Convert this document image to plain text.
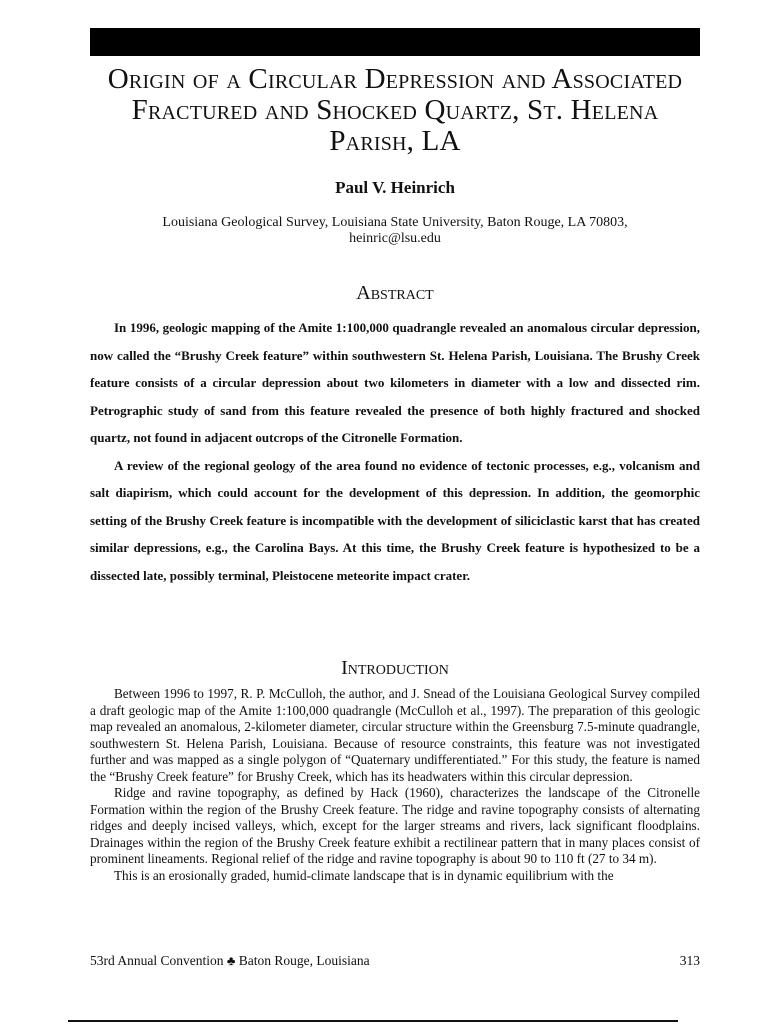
Origin of a Circular Depression and Associated Fractured and Shocked Quartz, St. Helena Parish, LA
Paul V. Heinrich
Louisiana Geological Survey, Louisiana State University, Baton Rouge, LA 70803,
heinric@lsu.edu
Abstract

In 1996, geologic mapping of the Amite 1:100,000 quadrangle revealed an anomalous circular depression, now called the “Brushy Creek feature” within southwestern St. Helena Parish, Louisiana. The Brushy Creek feature consists of a circular depression about two kilometers in diameter with a low and dissected rim. Petrographic study of sand from this feature revealed the presence of both highly fractured and shocked quartz, not found in adjacent outcrops of the Citronelle Formation.

A review of the regional geology of the area found no evidence of tectonic processes, e.g., volcanism and salt diapirism, which could account for the development of this depression. In addition, the geomorphic setting of the Brushy Creek feature is incompatible with the development of siliciclastic karst that has created similar depressions, e.g., the Carolina Bays. At this time, the Brushy Creek feature is hypothesized to be a dissected late, possibly terminal, Pleistocene meteorite impact crater.

Introduction

Between 1996 to 1997, R. P. McCulloh, the author, and J. Snead of the Louisiana Geological Survey compiled a draft geologic map of the Amite 1:100,000 quadrangle (McCulloh et al., 1997). The preparation of this geologic map revealed an anomalous, 2-kilometer diameter, circular structure within the Greensburg 7.5-minute quadrangle, southwestern St. Helena Parish, Louisiana. Because of resource constraints, this feature was not investigated further and was mapped as a single polygon of “Quaternary undifferentiated.” For this study, the feature is named the “Brushy Creek feature” for Brushy Creek, which has its headwaters within this circular depression.

Ridge and ravine topography, as defined by Hack (1960), characterizes the landscape of the Citronelle Formation within the region of the Brushy Creek feature. The ridge and ravine topography consists of alternating ridges and deeply incised valleys, which, except for the larger streams and rivers, lack significant floodplains. Drainages within the region of the Brushy Creek feature exhibit a rectilinear pattern that in many places consist of prominent lineaments. Regional relief of the ridge and ravine topography is about 90 to 110 ft (27 to 34 m).

This is an erosionally graded, humid-climate landscape that is in dynamic equilibrium with the

53rd Annual Convention ♣ Baton Rouge, Louisiana	313
